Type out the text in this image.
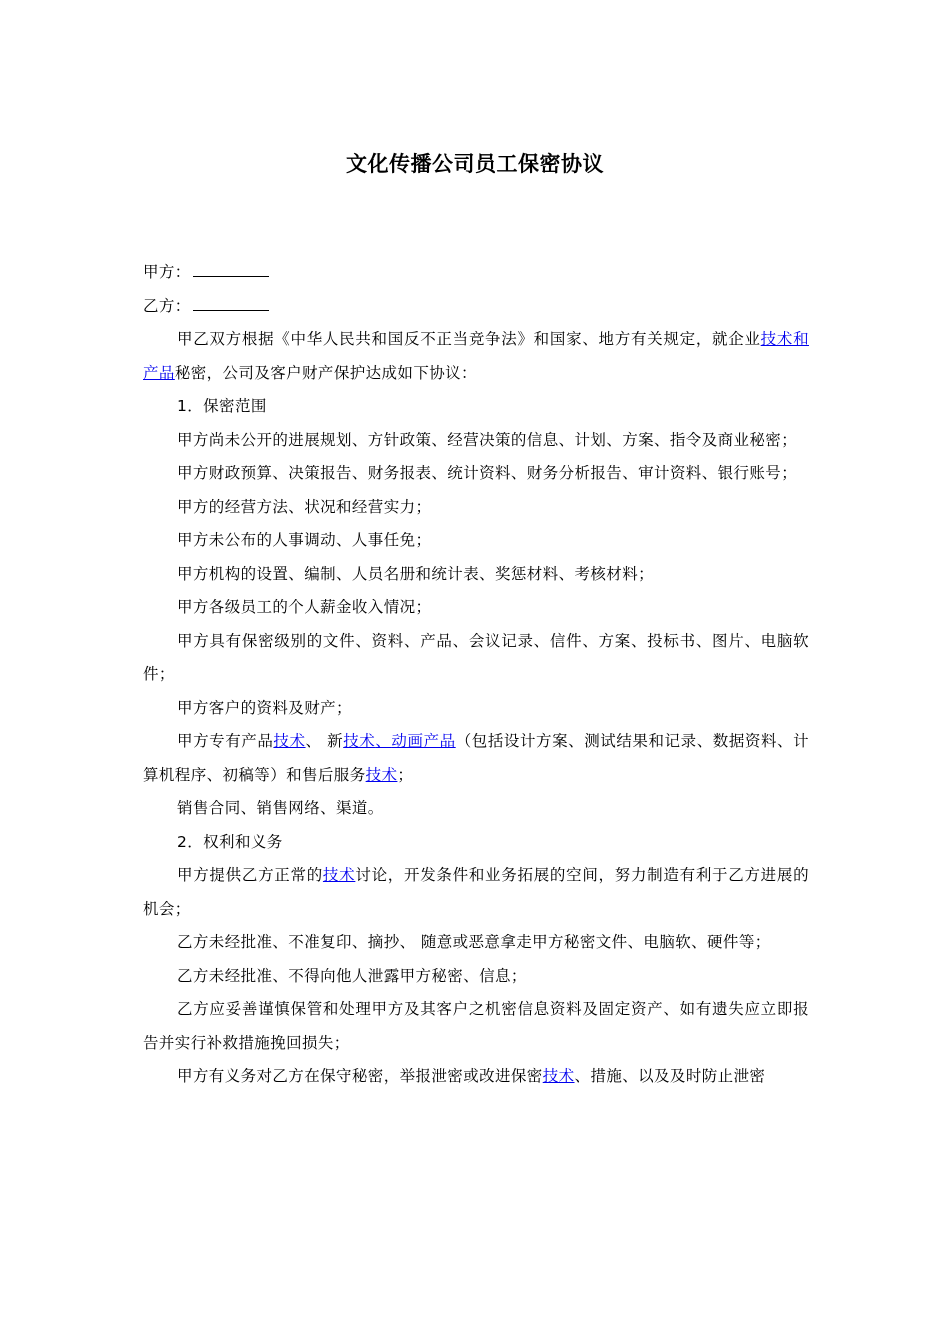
文化传播公司员工保密协议

甲方：

乙方：

甲乙双方根据《中华人民共和国反不正当竞争法》和国家、地方有关规定，就企业技术和产品秘密，公司及客户财产保护达成如下协议：

1．保密范围

甲方尚未公开的进展规划、方针政策、经营决策的信息、计划、方案、指令及商业秘密；

甲方财政预算、决策报告、财务报表、统计资料、财务分析报告、审计资料、银行账号；

甲方的经营方法、状况和经营实力；

甲方未公布的人事调动、人事任免；

甲方机构的设置、编制、人员名册和统计表、奖惩材料、考核材料；

甲方各级员工的个人薪金收入情况；

甲方具有保密级别的文件、资料、产品、会议记录、信件、方案、投标书、图片、电脑软件；

甲方客户的资料及财产；

甲方专有产品技术、 新技术、动画产品（包括设计方案、测试结果和记录、数据资料、计算机程序、初稿等）和售后服务技术；

销售合同、销售网络、渠道。

2．权利和义务

甲方提供乙方正常的技术讨论，开发条件和业务拓展的空间，努力制造有利于乙方进展的机会；

乙方未经批准、不准复印、摘抄、 随意或恶意拿走甲方秘密文件、电脑软、硬件等；

乙方未经批准、不得向他人泄露甲方秘密、信息；

乙方应妥善谨慎保管和处理甲方及其客户之机密信息资料及固定资产、如有遗失应立即报告并实行补救措施挽回损失；

甲方有义务对乙方在保守秘密，举报泄密或改进保密技术、措施、以及及时防止泄密
